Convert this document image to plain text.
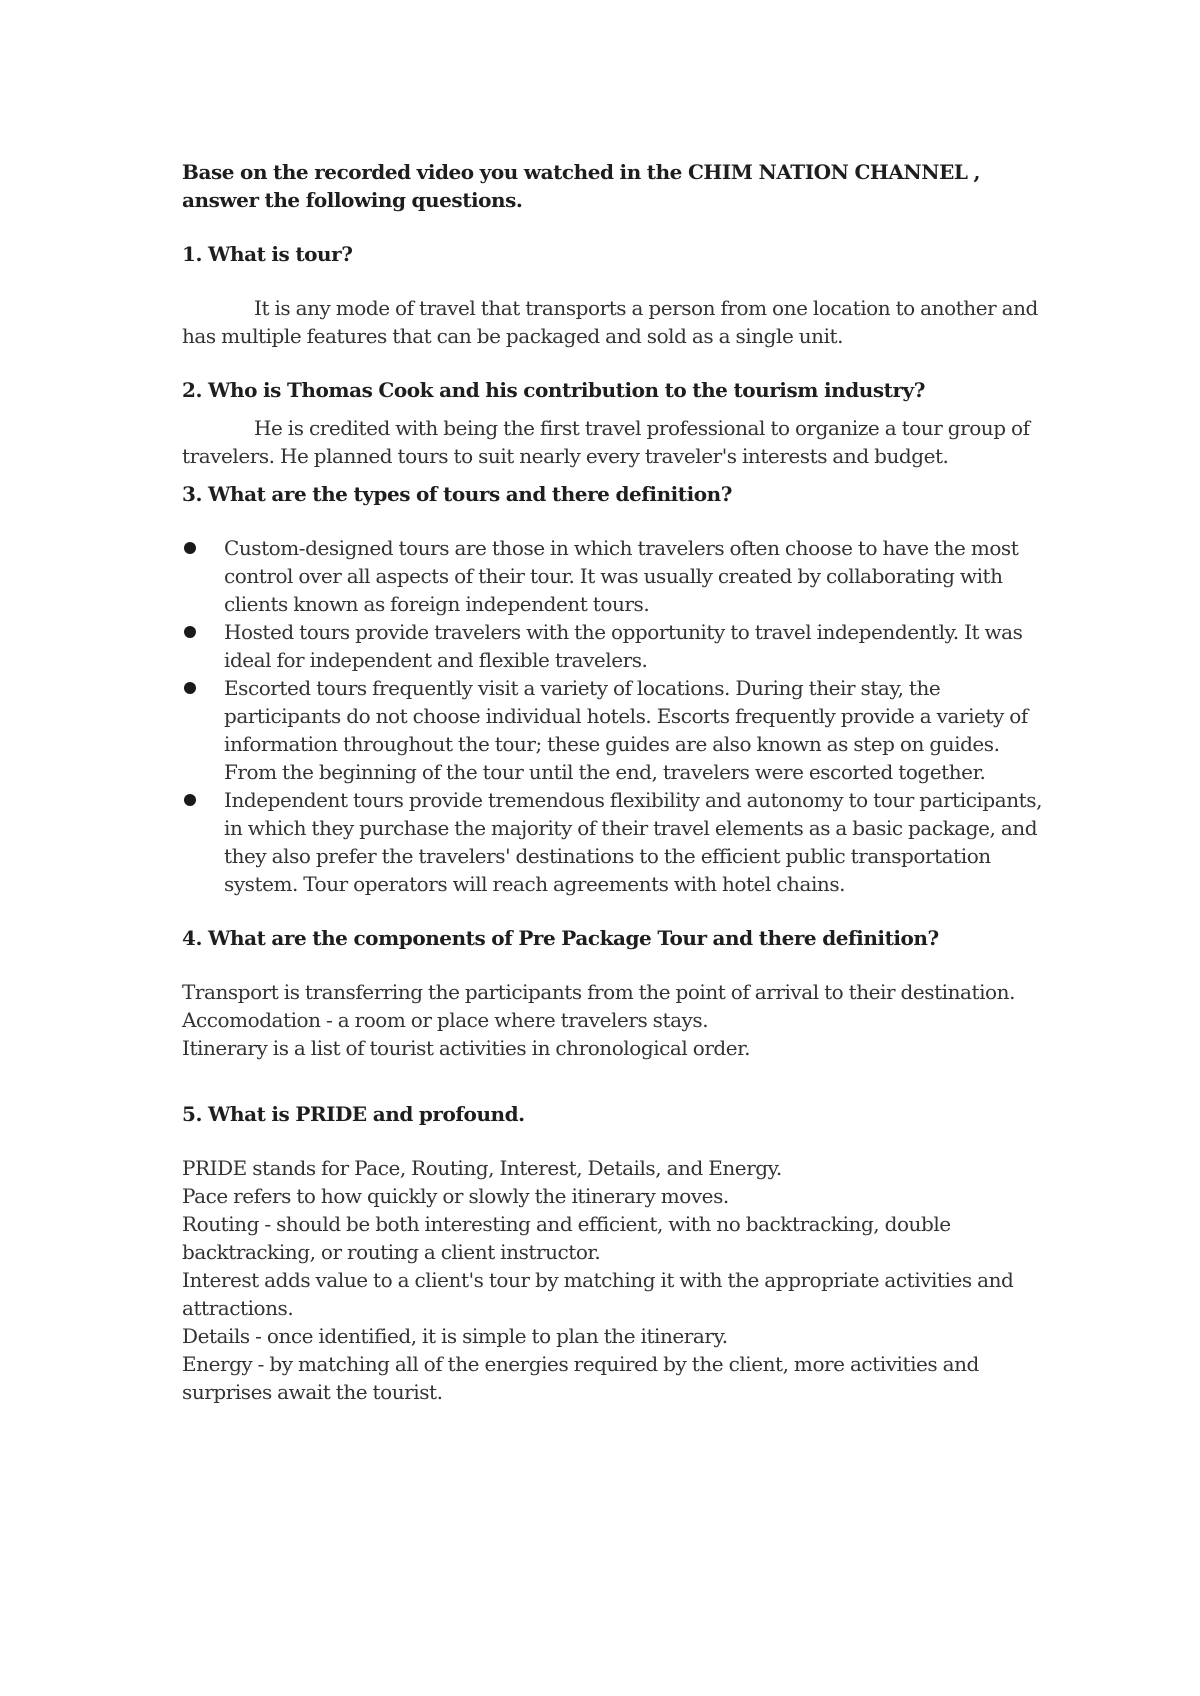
Base on the recorded video you watched in the CHIM NATION CHANNEL ,
answer the following questions.

1. What is tour?

It is any mode of travel that transports a person from one location to another and has multiple features that can be packaged and sold as a single unit.

2. Who is Thomas Cook and his contribution to the tourism industry?

He is credited with being the first travel professional to organize a tour group of travelers. He planned tours to suit nearly every traveler's interests and budget.

3. What are the types of tours and there definition?

Custom-designed tours are those in which travelers often choose to have the most control over all aspects of their tour. It was usually created by collaborating with clients known as foreign independent tours.
Hosted tours provide travelers with the opportunity to travel independently. It was ideal for independent and flexible travelers.
Escorted tours frequently visit a variety of locations. During their stay, the participants do not choose individual hotels. Escorts frequently provide a variety of information throughout the tour; these guides are also known as step on guides. From the beginning of the tour until the end, travelers were escorted together.
Independent tours provide tremendous flexibility and autonomy to tour participants, in which they purchase the majority of their travel elements as a basic package, and they also prefer the travelers' destinations to the efficient public transportation system. Tour operators will reach agreements with hotel chains.

4. What are the components of Pre Package Tour and there definition?

Transport is transferring the participants from the point of arrival to their destination.
Accomodation - a room or place where travelers stays.
Itinerary is a list of tourist activities in chronological order.

5. What is PRIDE and profound.

PRIDE stands for Pace, Routing, Interest, Details, and Energy.
Pace refers to how quickly or slowly the itinerary moves.
Routing - should be both interesting and efficient, with no backtracking, double backtracking, or routing a client instructor.
Interest adds value to a client's tour by matching it with the appropriate activities and attractions.
Details - once identified, it is simple to plan the itinerary.
Energy - by matching all of the energies required by the client, more activities and surprises await the tourist.
